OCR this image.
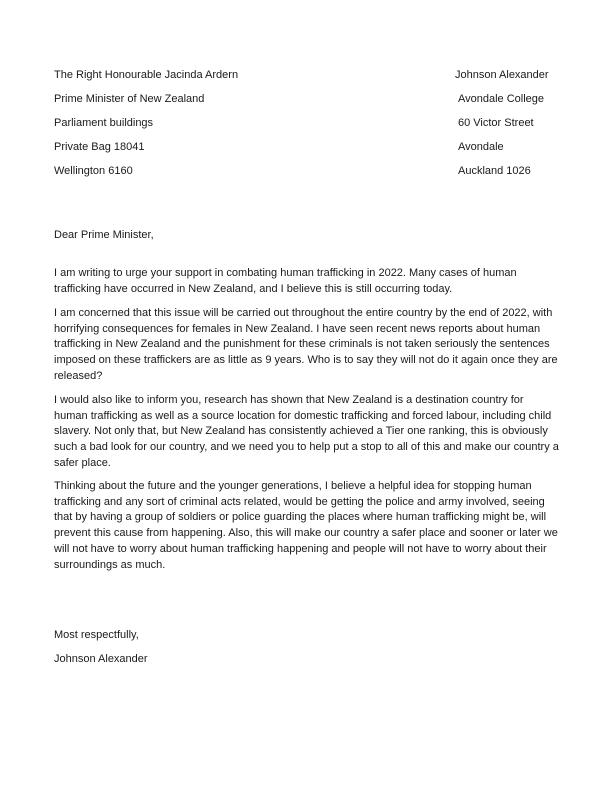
The Right Honourable Jacinda Ardern
Prime Minister of New Zealand
Parliament buildings
Private Bag 18041
Wellington 6160
Johnson Alexander
Avondale College
60 Victor Street
Avondale
Auckland 1026
Dear Prime Minister,
I am writing to urge your support in combating human trafficking in 2022. Many cases of human trafficking have occurred in New Zealand, and I believe this is still occurring today.
I am concerned that this issue will be carried out throughout the entire country by the end of 2022, with horrifying consequences for females in New Zealand. I have seen recent news reports about human trafficking in New Zealand and the punishment for these criminals is not taken seriously the sentences imposed on these traffickers are as little as 9 years. Who is to say they will not do it again once they are released?
I would also like to inform you, research has shown that New Zealand is a destination country for human trafficking as well as a source location for domestic trafficking and forced labour, including child slavery. Not only that, but New Zealand has consistently achieved a Tier one ranking, this is obviously such a bad look for our country, and we need you to help put a stop to all of this and make our country a safer place.
Thinking about the future and the younger generations, I believe a helpful idea for stopping human trafficking and any sort of criminal acts related, would be getting the police and army involved, seeing that by having a group of soldiers or police guarding the places where human trafficking might be, will prevent this cause from happening. Also, this will make our country a safer place and sooner or later we will not have to worry about human trafficking happening and people will not have to worry about their surroundings as much.
Most respectfully,
Johnson Alexander
